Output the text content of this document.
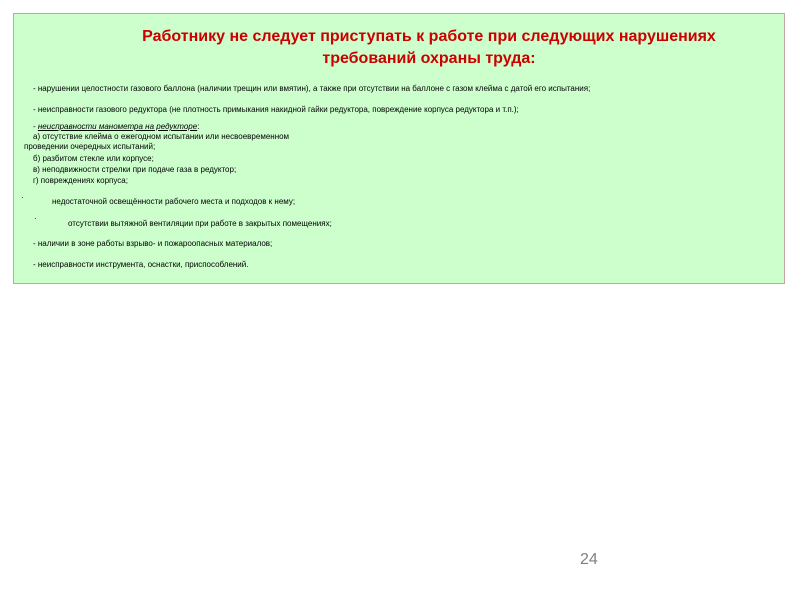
Работнику не следует приступать к работе при следующих нарушениях
требований охраны труда:

- нарушении целостности газового баллона (наличии трещин или вмятин), а также при отсутствии на баллоне с газом клейма с датой его испытания;

- неисправности газового редуктора (не плотность примыкания накидной гайки редуктора, повреждение корпуса редуктора и т.п.);

- неисправности манометра на редукторе:

а) отсутствие клейма о ежегодном испытании или несвоевременном

проведении очередных испытаний;

б) разбитом стекле или корпусе;

в) неподвижности стрелки при подаче газа в редуктор;

г) повреждениях корпуса;

·	недостаточной освещённости рабочего места и подходов к нему;

·

отсутствии вытяжной вентиляции при работе в закрытых помещениях;

- наличии в зоне работы взрыво- и пожароопасных материалов;

- неисправности инструмента, оснастки, приспособлений.

24
